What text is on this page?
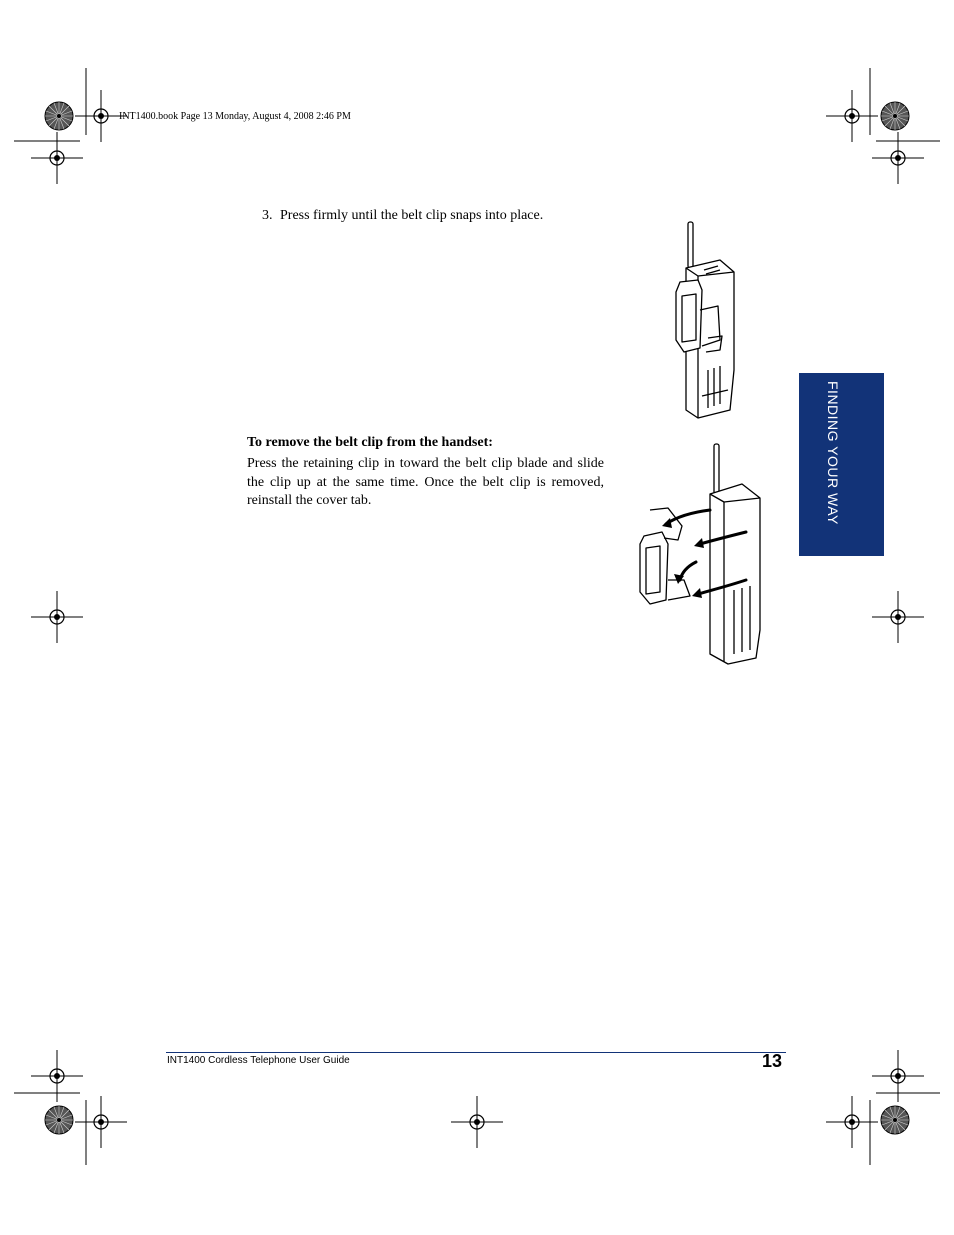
INT1400.book Page 13 Monday, August 4, 2008 2:46 PM
3. Press firmly until the belt clip snaps into place.
To remove the belt clip from the handset:
Press the retaining clip in toward the belt clip blade and slide the clip up at the same time. Once the belt clip is removed, reinstall the cover tab.	FINDING YOUR WAY
INT1400 Cordless Telephone User Guide	13
